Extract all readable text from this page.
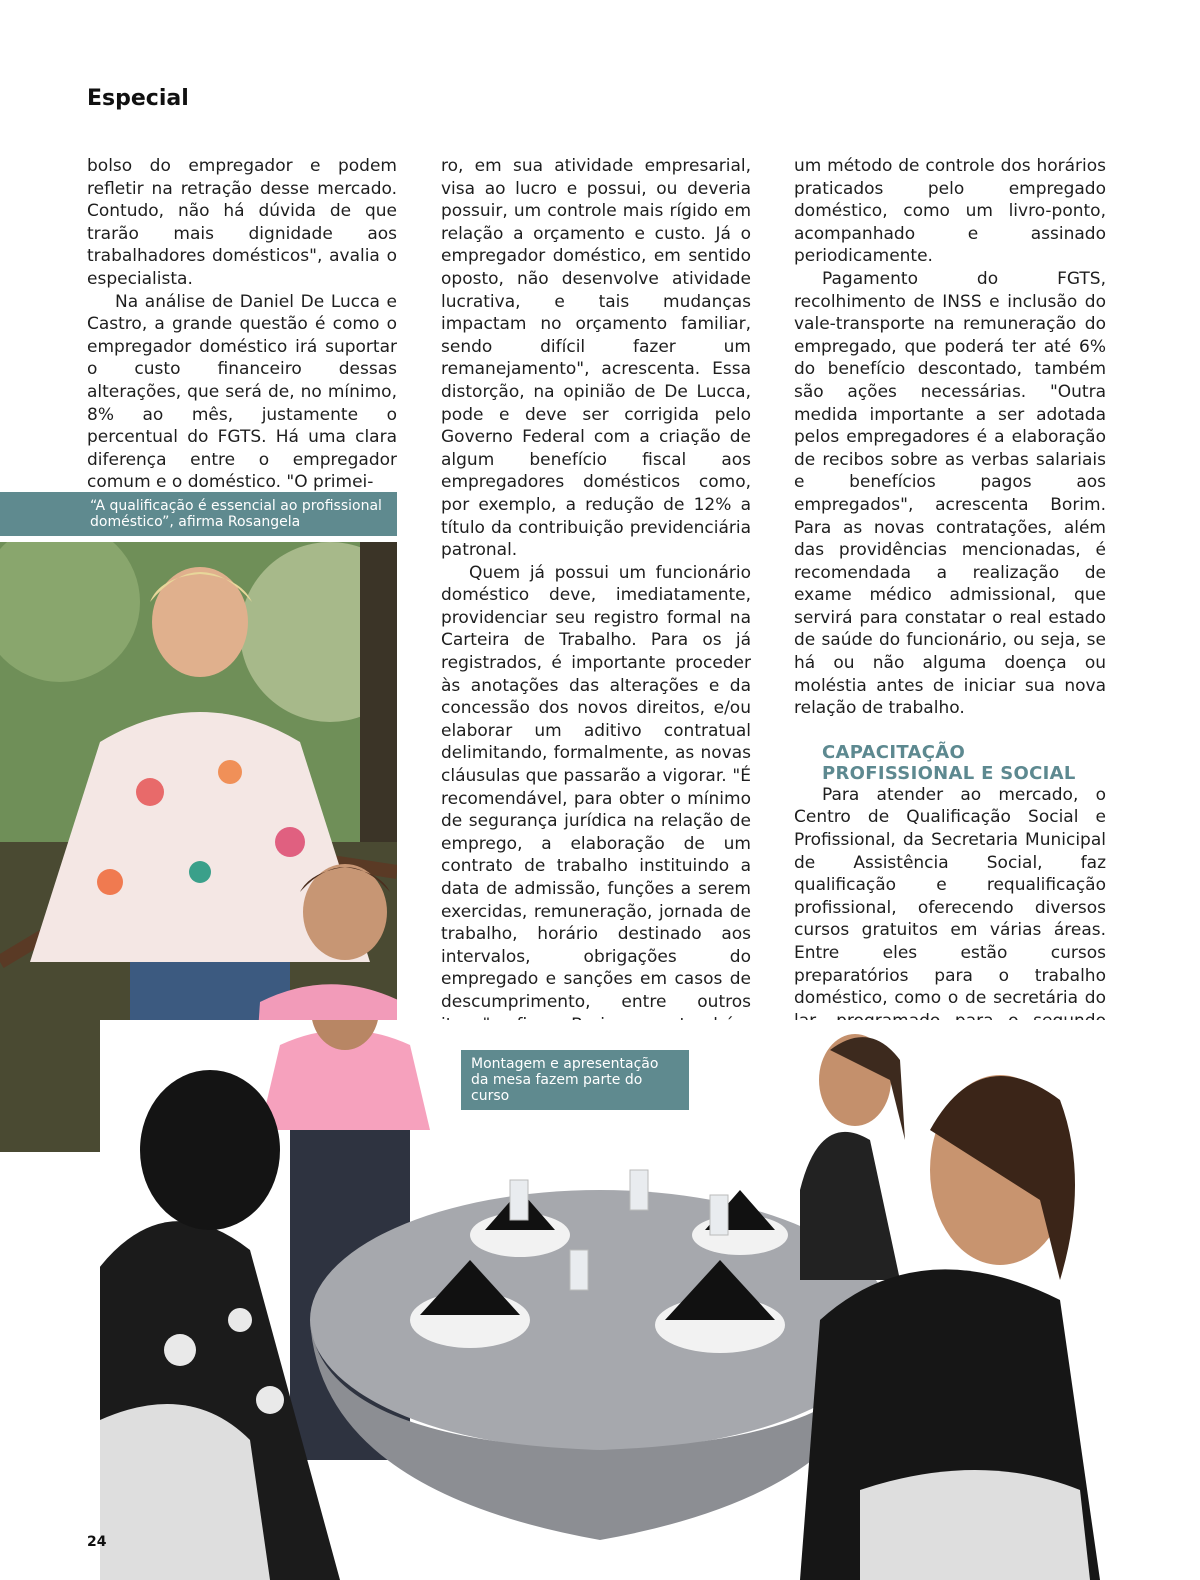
Especial

bolso do empregador e podem refletir na retração desse mercado. Contudo, não há dúvida de que trarão mais dignidade aos trabalhadores domésticos", avalia o especialista.

Na análise de Daniel De Lucca e Castro, a grande questão é como o empregador doméstico irá suportar o custo financeiro dessas alterações, que será de, no mínimo, 8% ao mês, justamente o percentual do FGTS. Há uma clara diferença entre o empregador comum e o doméstico. "O primei-

“A qualificação é essencial ao profissional
doméstico”, afirma Rosangela

ro, em sua atividade empresarial, visa ao lucro e possui, ou deveria possuir, um controle mais rígido em relação a orçamento e custo. Já o empregador doméstico, em sentido oposto, não desenvolve atividade lucrativa, e tais mudanças impactam no orçamento familiar, sendo difícil fazer um remanejamento", acrescenta. Essa distorção, na opinião de De Lucca, pode e deve ser corrigida pelo Governo Federal com a criação de algum benefício fiscal aos empregadores domésticos como, por exemplo, a redução de 12% a título da contribuição previdenciária patronal.

Quem já possui um funcionário doméstico deve, imediatamente, providenciar seu registro formal na Carteira de Trabalho. Para os já registrados, é importante proceder às anotações das alterações e da concessão dos novos direitos, e/ou elaborar um aditivo contratual delimitando, formalmente, as novas cláusulas que passarão a vigorar. "É recomendável, para obter o mínimo de segurança jurídica na relação de emprego, a elaboração de um contrato de trabalho instituindo a data de admissão, funções a serem exercidas, remuneração, jornada de trabalho, horário destinado aos intervalos, obrigações do empregado e sanções em casos de descumprimento, entre outros

um método de controle dos horários praticados pelo empregado doméstico, como um livro-ponto, acompanhado e assinado periodicamente.

Pagamento do FGTS, recolhimento de INSS e inclusão do vale-transporte na remuneração do empregado, que poderá ter até 6% do benefício descontado, também são ações necessárias. "Outra medida importante a ser adotada pelos empregadores é a elaboração de recibos sobre as verbas salariais e benefícios pagos aos empregados", acrescenta Borim. Para as novas contratações, além das providências mencionadas, é recomendada a realização de exame médico admissional, que servirá para constatar o real estado de saúde do funcionário, ou seja, se há ou não alguma doença ou moléstia antes de iniciar sua nova relação de trabalho.

CAPACITAÇÃO
PROFISSIONAL E SOCIAL

Para atender ao mercado, o Centro de Qualificação Social e Profissional, da Secretaria Municipal de Assistência Social, faz qualificação e requalificação profissional, oferecendo diversos cursos gratuitos em várias áreas. Entre eles estão cursos preparatórios para o trabalho doméstico, como o de secretária do

Montagem e apresentação
da mesa fazem parte do curso
24
